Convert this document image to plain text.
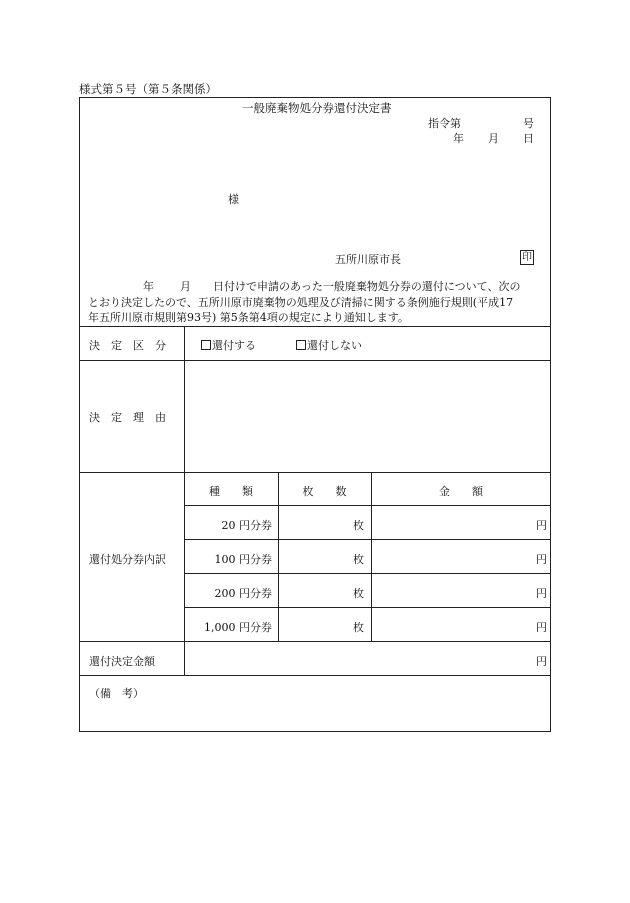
様式第５号（第５条関係）
一般廃棄物処分券還付決定書
指令第	号
年 月 日
様
五所川原市長	印
年 月 日付けで申請のあった一般廃棄物処分券の還付について、次の
とおり決定したので、五所川原市廃棄物の処理及び清掃に関する条例施行規則(平成17
年五所川原市規則第93号) 第5条第4項の規定により通知します。
決　定　区　分	還付する	還付しない
決　定　理　由
還付処分券内訳
種　　類	枚　　数	金　　額
20 円分券	枚	円
100 円分券	枚	円
200 円分券	枚	円
1,000 円分券	枚	円
還付決定金額	円
（備　考）
